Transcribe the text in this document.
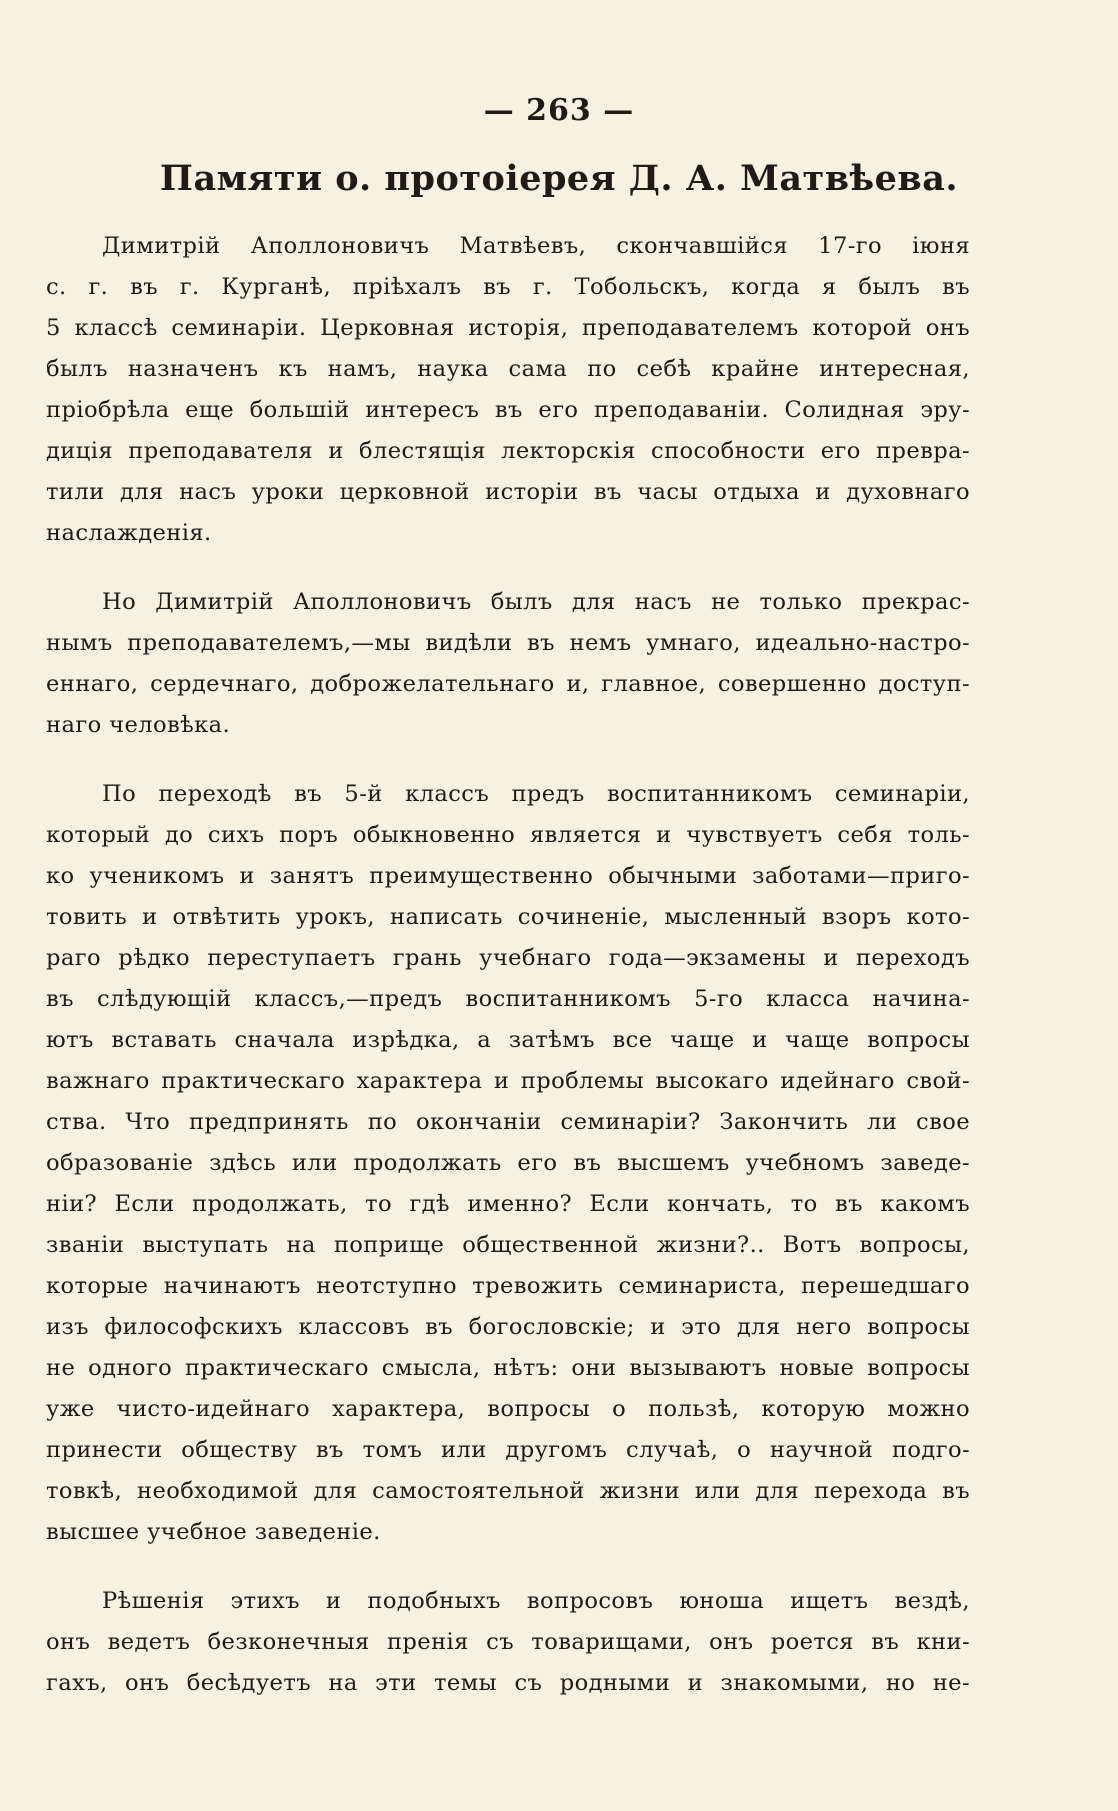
— 263 —
Памяти о. протоіерея Д. А. Матвѣева.

Димитрій Аполлоновичъ Матвѣевъ, скончавшійся 17-го іюня
с. г. въ г. Курганѣ, пріѣхалъ въ г. Тобольскъ, когда я былъ въ
5 классѣ семинаріи. Церковная исторія, преподавателемъ которой онъ
былъ назначенъ къ намъ, наука сама по себѣ крайне интересная,
пріобрѣла еще большій интересъ въ его преподаваніи. Солидная эру-
диція преподавателя и блестящія лекторскія способности его превра-
тили для насъ уроки церковной исторіи въ часы отдыха и духовнаго
наслажденія.

Но Димитрій Аполлоновичъ былъ для насъ не только прекрас-
нымъ преподавателемъ,—мы видѣли въ немъ умнаго, идеально-настро-
еннаго, сердечнаго, доброжелательнаго и, главное, совершенно доступ-
наго человѣка.

По переходѣ въ 5-й классъ предъ воспитанникомъ семинаріи,
который до сихъ поръ обыкновенно является и чувствуетъ себя толь-
ко ученикомъ и занятъ преимущественно обычными заботами—приго-
товить и отвѣтить урокъ, написать сочиненіе, мысленный взоръ кото-
раго рѣдко переступаетъ грань учебнаго года—экзамены и переходъ
въ слѣдующій классъ,—предъ воспитанникомъ 5-го класса начина-
ютъ вставать сначала изрѣдка, а затѣмъ все чаще и чаще вопросы
важнаго практическаго характера и проблемы высокаго идейнаго свой-
ства. Что предпринять по окончаніи семинаріи? Закончить ли свое
образованіе здѣсь или продолжать его въ высшемъ учебномъ заведе-
ніи? Если продолжать, то гдѣ именно? Если кончать, то въ какомъ
званіи выступать на поприще общественной жизни?.. Вотъ вопросы,
которые начинаютъ неотступно тревожить семинариста, перешедшаго
изъ философскихъ классовъ въ богословскіе; и это для него вопросы
не одного практическаго смысла, нѣтъ: они вызываютъ новые вопросы
уже чисто-идейнаго характера, вопросы о пользѣ, которую можно
принести обществу въ томъ или другомъ случаѣ, о научной подго-
товкѣ, необходимой для самостоятельной жизни или для перехода въ
высшее учебное заведеніе.

Рѣшенія этихъ и подобныхъ вопросовъ юноша ищетъ вездѣ,
онъ ведетъ безконечныя пренія съ товарищами, онъ роется въ кни-
гахъ, онъ бесѣдуетъ на эти темы съ родными и знакомыми, но не-
